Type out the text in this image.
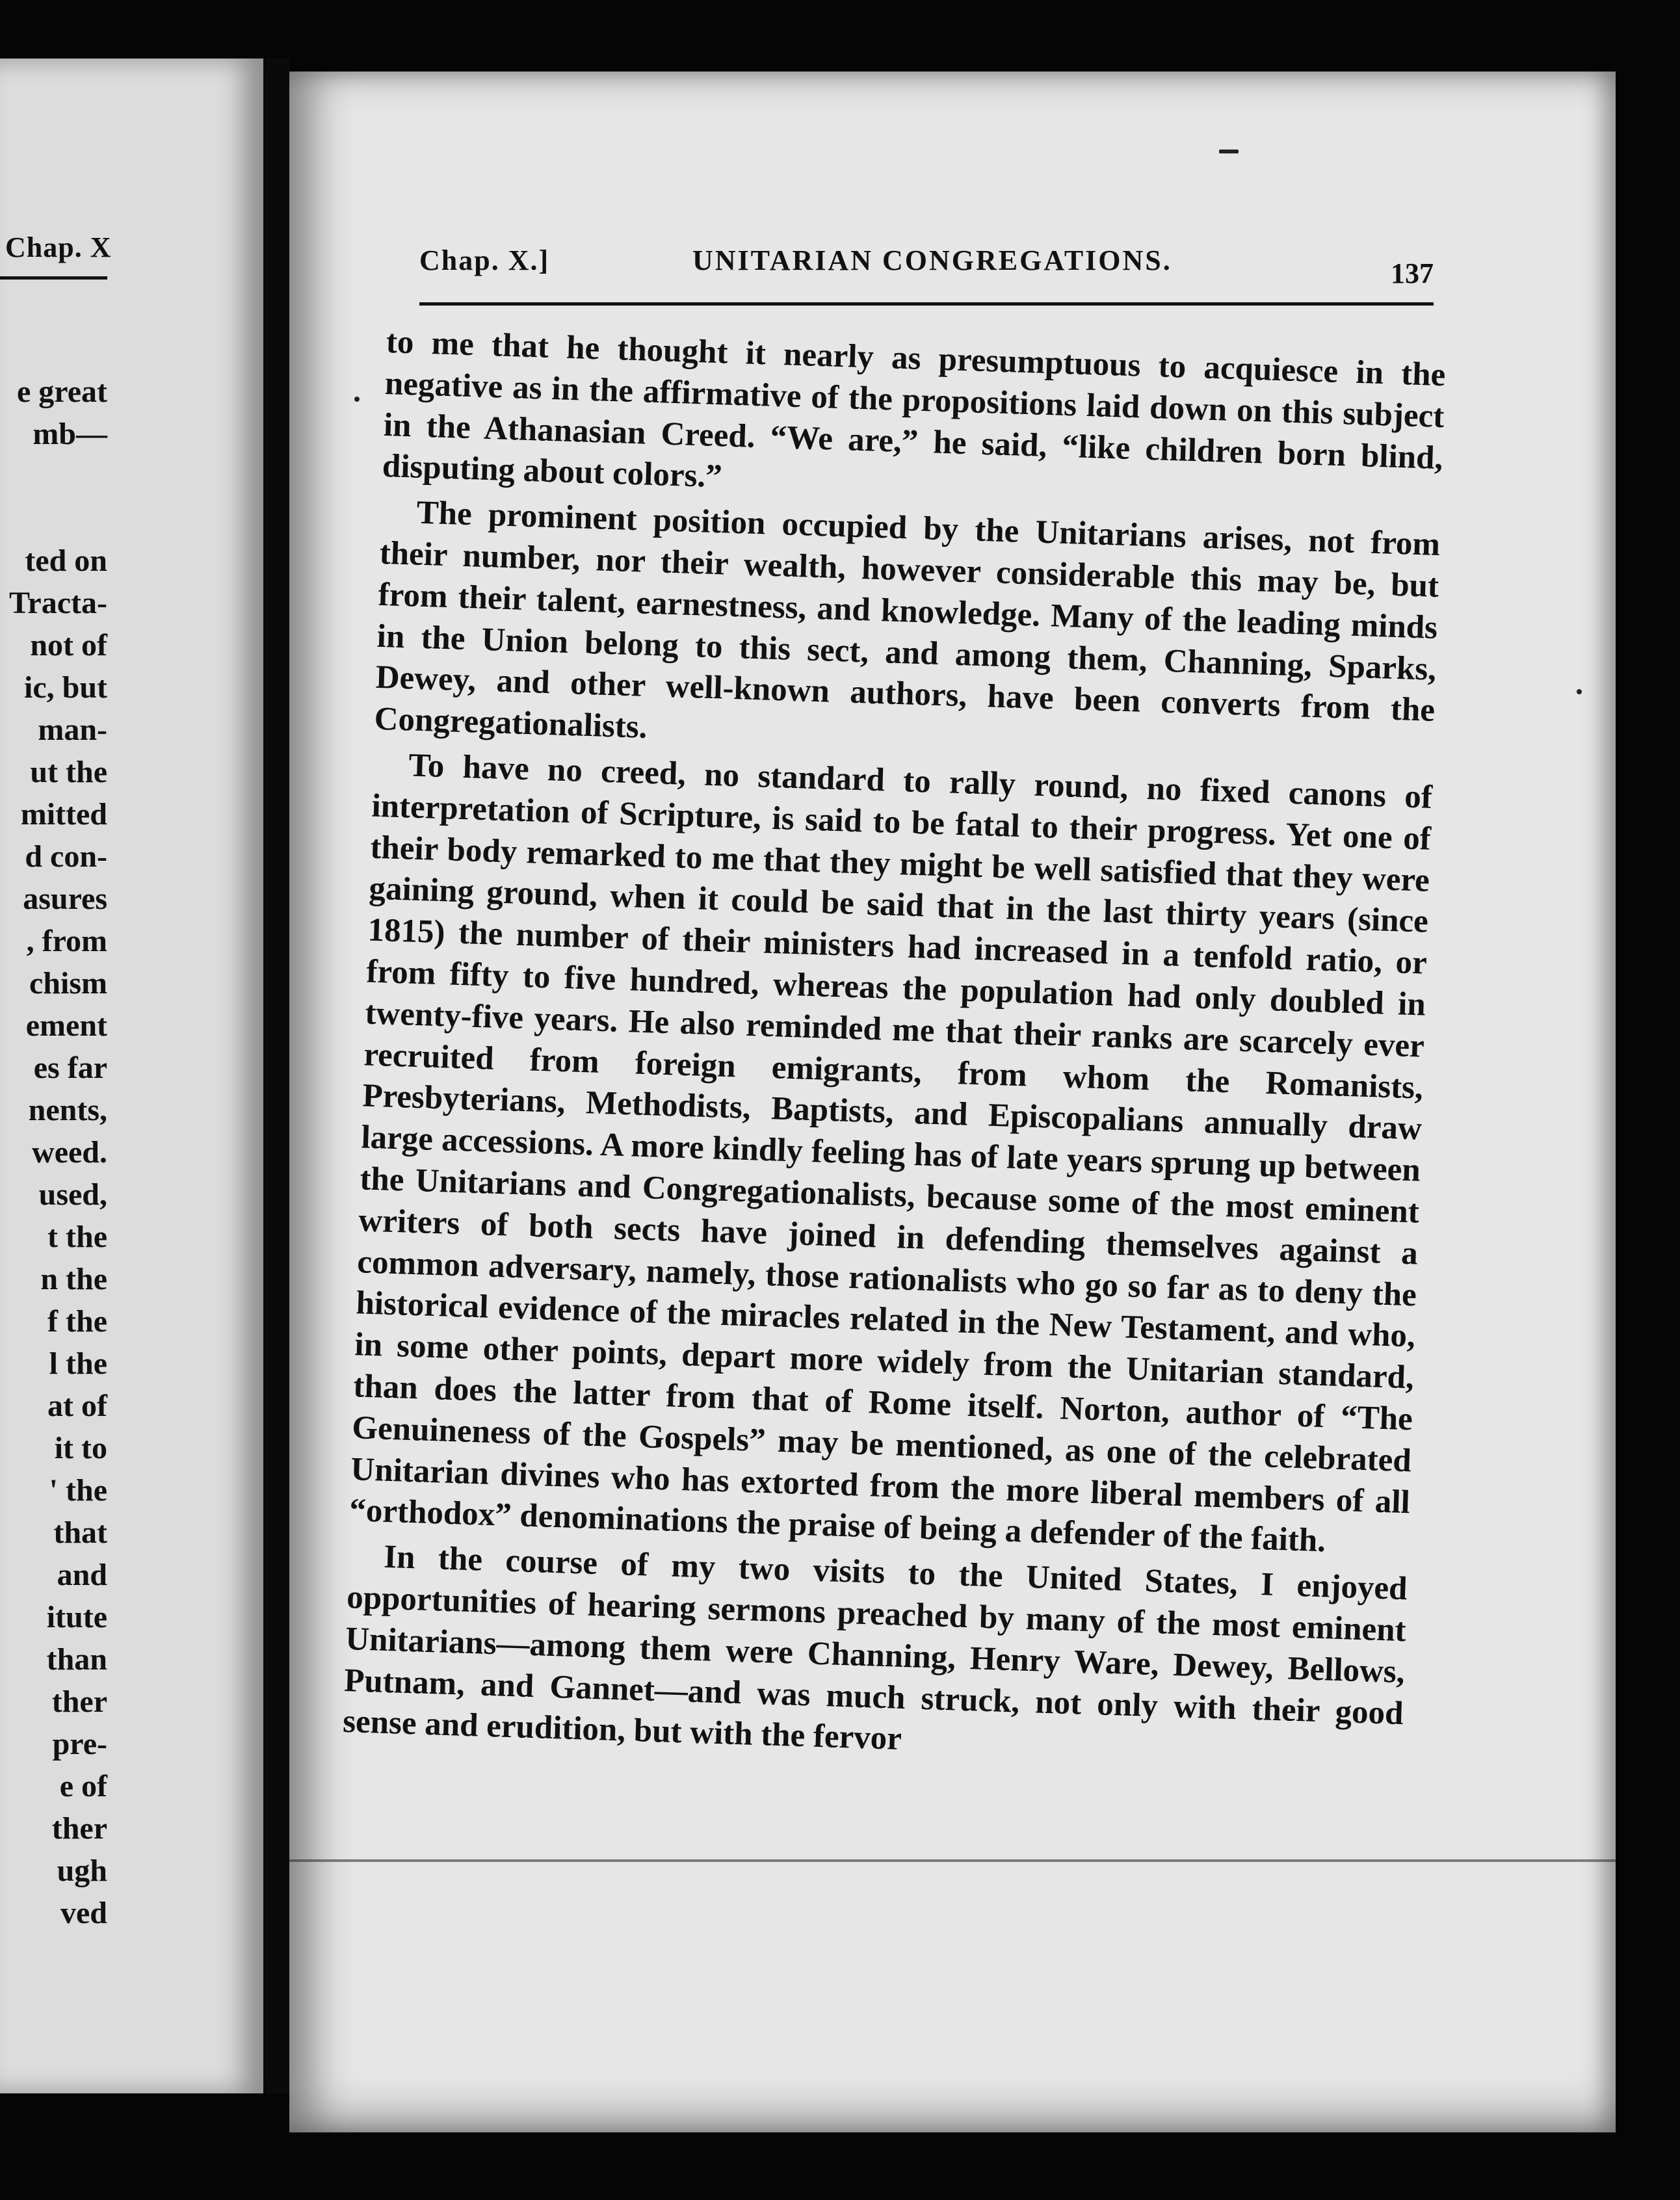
Chap. X
e great
mb—
ted on
Tracta-
not of
ic, but
man-
ut the
mitted
d con-
asures
, from
chism
ement
es far
nents,
weed.
used,
t the
n the
f the
l the
at of
it to
' the
that
and
itute
than
ther
pre-
e of
ther
ugh
ved
Chap. X.]	UNITARIAN CONGREGATIONS.	137

to me that he thought it nearly as presumptuous to acquiesce in the negative as in the affirmative of the propositions laid down on this subject in the Athanasian Creed. “We are,” he said, “like children born blind, disputing about colors.”

The prominent position occupied by the Unitarians arises, not from their number, nor their wealth, however considerable this may be, but from their talent, earnestness, and knowledge. Many of the leading minds in the Union belong to this sect, and among them, Channing, Sparks, Dewey, and other well-known authors, have been converts from the Congregationalists.

To have no creed, no standard to rally round, no fixed canons of interpretation of Scripture, is said to be fatal to their progress. Yet one of their body remarked to me that they might be well satisfied that they were gaining ground, when it could be said that in the last thirty years (since 1815) the number of their ministers had increased in a tenfold ratio, or from fifty to five hundred, whereas the population had only doubled in twenty-five years. He also reminded me that their ranks are scarcely ever recruited from foreign emigrants, from whom the Romanists, Presbyterians, Methodists, Baptists, and Episcopalians annually draw large accessions. A more kindly feeling has of late years sprung up between the Unitarians and Congregationalists, because some of the most eminent writers of both sects have joined in defending themselves against a common adversary, namely, those rationalists who go so far as to deny the historical evidence of the miracles related in the New Testament, and who, in some other points, depart more widely from the Unitarian standard, than does the latter from that of Rome itself. Norton, author of “The Genuineness of the Gospels” may be mentioned, as one of the celebrated Unitarian divines who has extorted from the more liberal members of all “orthodox” denominations the praise of being a defender of the faith.

In the course of my two visits to the United States, I enjoyed opportunities of hearing sermons preached by many of the most eminent Unitarians—among them were Channing, Henry Ware, Dewey, Bellows, Putnam, and Gannet—and was much struck, not only with their good sense and erudition, but with the fervor
